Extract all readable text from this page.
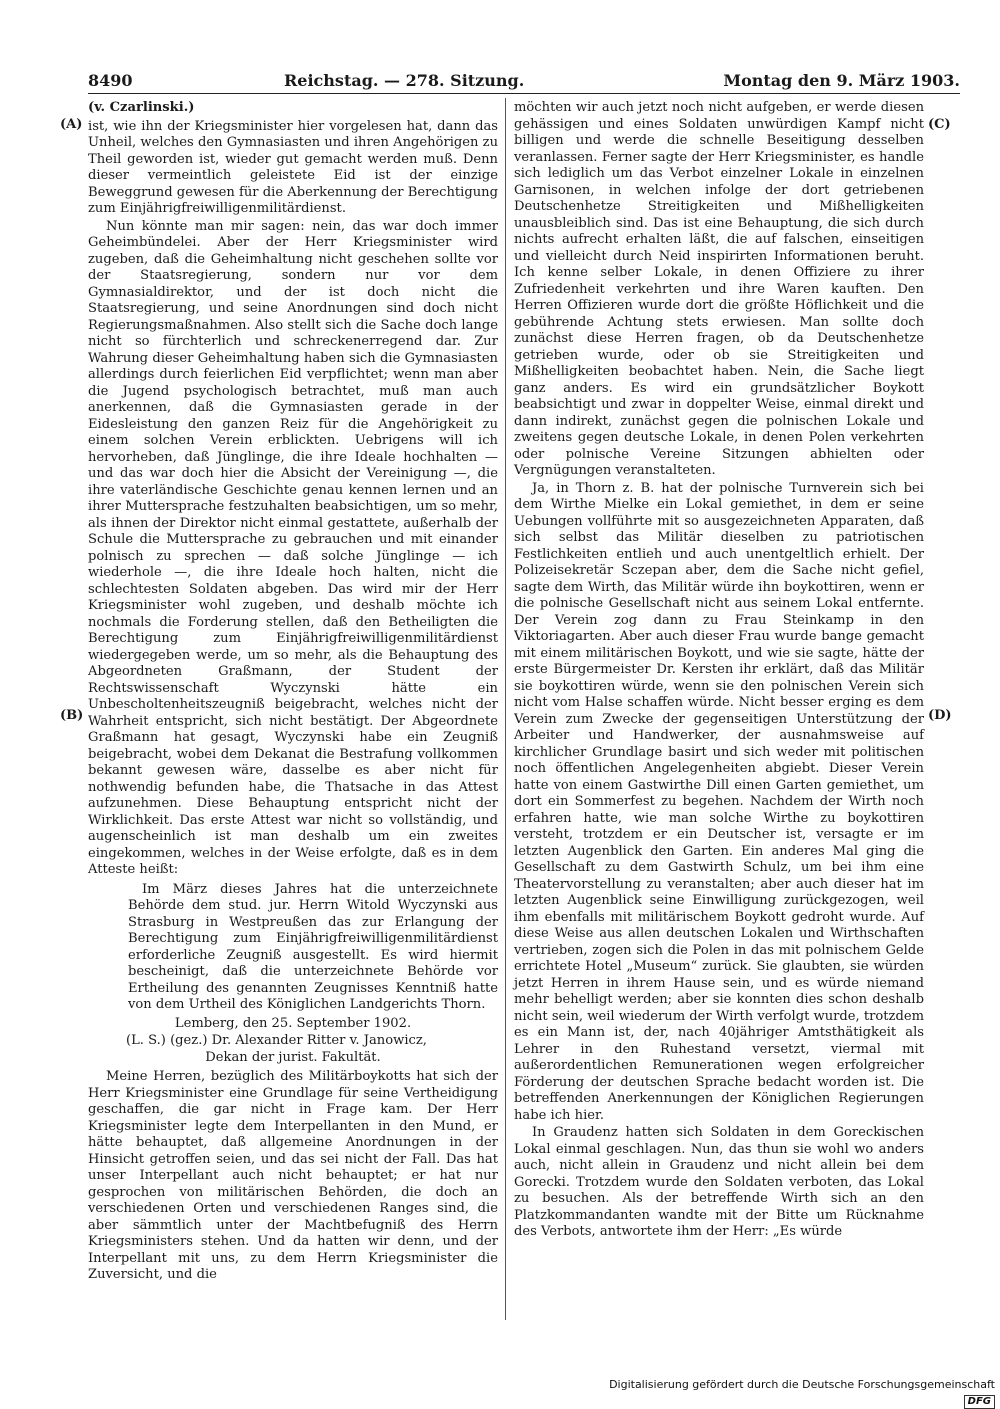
8490	Reichstag. — 278. Sitzung.	Montag den 9. März 1903.
(A)
(B)
(C)
(D)
(v. Czarlinski.)

ist, wie ihn der Kriegsminister hier vorgelesen hat, dann das Unheil, welches den Gymnasiasten und ihren Angehörigen zu Theil geworden ist, wieder gut gemacht werden muß. Denn dieser vermeintlich geleistete Eid ist der einzige Beweggrund gewesen für die Aberkennung der Berechtigung zum Einjährigfreiwilligenmilitärdienst.

Nun könnte man mir sagen: nein, das war doch immer Geheimbündelei. Aber der Herr Kriegsminister wird zugeben, daß die Geheimhaltung nicht geschehen sollte vor der Staatsregierung, sondern nur vor dem Gymnasialdirektor, und der ist doch nicht die Staatsregierung, und seine Anordnungen sind doch nicht Regierungsmaßnahmen. Also stellt sich die Sache doch lange nicht so fürchterlich und schreckenerregend dar. Zur Wahrung dieser Geheimhaltung haben sich die Gymnasiasten allerdings durch feierlichen Eid verpflichtet; wenn man aber die Jugend psychologisch betrachtet, muß man auch anerkennen, daß die Gymnasiasten gerade in der Eidesleistung den ganzen Reiz für die Angehörigkeit zu einem solchen Verein erblickten. Uebrigens will ich hervorheben, daß Jünglinge, die ihre Ideale hochhalten — und das war doch hier die Absicht der Vereinigung —, die ihre vaterländische Geschichte genau kennen lernen und an ihrer Muttersprache festzuhalten beabsichtigen, um so mehr, als ihnen der Direktor nicht einmal gestattete, außerhalb der Schule die Muttersprache zu gebrauchen und mit einander polnisch zu sprechen — daß solche Jünglinge — ich wiederhole —, die ihre Ideale hoch halten, nicht die schlechtesten Soldaten abgeben. Das wird mir der Herr Kriegsminister wohl zugeben, und deshalb möchte ich nochmals die Forderung stellen, daß den Betheiligten die Berechtigung zum Einjährigfreiwilligenmilitärdienst wiedergegeben werde, um so mehr, als die Behauptung des Abgeordneten Graßmann, der Student der Rechtswissenschaft Wyczynski hätte ein Unbescholtenheitszeugniß beigebracht, welches nicht der Wahrheit entspricht, sich nicht bestätigt. Der Abgeordnete Graßmann hat gesagt, Wyczynski habe ein Zeugniß beigebracht, wobei dem Dekanat die Bestrafung vollkommen bekannt gewesen wäre, dasselbe es aber nicht für nothwendig befunden habe, die Thatsache in das Attest aufzunehmen. Diese Behauptung entspricht nicht der Wirklichkeit. Das erste Attest war nicht so vollständig, und augenscheinlich ist man deshalb um ein zweites eingekommen, welches in der Weise erfolgte, daß es in dem Atteste heißt:

Im März dieses Jahres hat die unterzeichnete Behörde dem stud. jur. Herrn Witold Wyczynski aus Strasburg in Westpreußen das zur Erlangung der Berechtigung zum Einjährigfreiwilligenmilitärdienst erforderliche Zeugniß ausgestellt. Es wird hiermit bescheinigt, daß die unterzeichnete Behörde vor Ertheilung des genannten Zeugnisses Kenntniß hatte von dem Urtheil des Königlichen Landgerichts Thorn.

Lemberg, den 25. September 1902.

(L. S.) (gez.) Dr. Alexander Ritter v. Janowicz,

Dekan der jurist. Fakultät.

Meine Herren, bezüglich des Militärboykotts hat sich der Herr Kriegsminister eine Grundlage für seine Vertheidigung geschaffen, die gar nicht in Frage kam. Der Herr Kriegsminister legte dem Interpellanten in den Mund, er hätte behauptet, daß allgemeine Anordnungen in der Hinsicht getroffen seien, und das sei nicht der Fall. Das hat unser Interpellant auch nicht behauptet; er hat nur gesprochen von militärischen Behörden, die doch an verschiedenen Orten und verschiedenen Ranges sind, die aber sämmtlich unter der Machtbefugniß des Herrn Kriegsministers stehen. Und da hatten wir denn, und der Interpellant mit uns, zu dem Herrn Kriegsminister die Zuversicht, und die

möchten wir auch jetzt noch nicht aufgeben, er werde diesen gehässigen und eines Soldaten unwürdigen Kampf nicht billigen und werde die schnelle Beseitigung desselben veranlassen. Ferner sagte der Herr Kriegsminister, es handle sich lediglich um das Verbot einzelner Lokale in einzelnen Garnisonen, in welchen infolge der dort getriebenen Deutschenhetze Streitigkeiten und Mißhelligkeiten unausbleiblich sind. Das ist eine Behauptung, die sich durch nichts aufrecht erhalten läßt, die auf falschen, einseitigen und vielleicht durch Neid inspirirten Informationen beruht. Ich kenne selber Lokale, in denen Offiziere zu ihrer Zufriedenheit verkehrten und ihre Waren kauften. Den Herren Offizieren wurde dort die größte Höflichkeit und die gebührende Achtung stets erwiesen. Man sollte doch zunächst diese Herren fragen, ob da Deutschenhetze getrieben wurde, oder ob sie Streitigkeiten und Mißhelligkeiten beobachtet haben. Nein, die Sache liegt ganz anders. Es wird ein grundsätzlicher Boykott beabsichtigt und zwar in doppelter Weise, einmal direkt und dann indirekt, zunächst gegen die polnischen Lokale und zweitens gegen deutsche Lokale, in denen Polen verkehrten oder polnische Vereine Sitzungen abhielten oder Vergnügungen veranstalteten.

Ja, in Thorn z. B. hat der polnische Turnverein sich bei dem Wirthe Mielke ein Lokal gemiethet, in dem er seine Uebungen vollführte mit so ausgezeichneten Apparaten, daß sich selbst das Militär dieselben zu patriotischen Festlichkeiten entlieh und auch unentgeltlich erhielt. Der Polizeisekretär Sczepan aber, dem die Sache nicht gefiel, sagte dem Wirth, das Militär würde ihn boykottiren, wenn er die polnische Gesellschaft nicht aus seinem Lokal entfernte. Der Verein zog dann zu Frau Steinkamp in den Viktoriagarten. Aber auch dieser Frau wurde bange gemacht mit einem militärischen Boykott, und wie sie sagte, hätte der erste Bürgermeister Dr. Kersten ihr erklärt, daß das Militär sie boykottiren würde, wenn sie den polnischen Verein sich nicht vom Halse schaffen würde. Nicht besser erging es dem Verein zum Zwecke der gegenseitigen Unterstützung der Arbeiter und Handwerker, der ausnahmsweise auf kirchlicher Grundlage basirt und sich weder mit politischen noch öffentlichen Angelegenheiten abgiebt. Dieser Verein hatte von einem Gastwirthe Dill einen Garten gemiethet, um dort ein Sommerfest zu begehen. Nachdem der Wirth noch erfahren hatte, wie man solche Wirthe zu boykottiren versteht, trotzdem er ein Deutscher ist, versagte er im letzten Augenblick den Garten. Ein anderes Mal ging die Gesellschaft zu dem Gastwirth Schulz, um bei ihm eine Theatervorstellung zu veranstalten; aber auch dieser hat im letzten Augenblick seine Einwilligung zurückgezogen, weil ihm ebenfalls mit militärischem Boykott gedroht wurde. Auf diese Weise aus allen deutschen Lokalen und Wirthschaften vertrieben, zogen sich die Polen in das mit polnischem Gelde errichtete Hotel „Museum“ zurück. Sie glaubten, sie würden jetzt Herren in ihrem Hause sein, und es würde niemand mehr behelligt werden; aber sie konnten dies schon deshalb nicht sein, weil wiederum der Wirth verfolgt wurde, trotzdem es ein Mann ist, der, nach 40jähriger Amtsthätigkeit als Lehrer in den Ruhestand versetzt, viermal mit außerordentlichen Remunerationen wegen erfolgreicher Förderung der deutschen Sprache bedacht worden ist. Die betreffenden Anerkennungen der Königlichen Regierungen habe ich hier.

In Graudenz hatten sich Soldaten in dem Goreckischen Lokal einmal geschlagen. Nun, das thun sie wohl wo anders auch, nicht allein in Graudenz und nicht allein bei dem Gorecki. Trotzdem wurde den Soldaten verboten, das Lokal zu besuchen. Als der betreffende Wirth sich an den Platzkommandanten wandte mit der Bitte um Rücknahme des Verbots, antwortete ihm der Herr: „Es würde

Digitalisierung gefördert durch die Deutsche Forschungsgemeinschaft DFG
